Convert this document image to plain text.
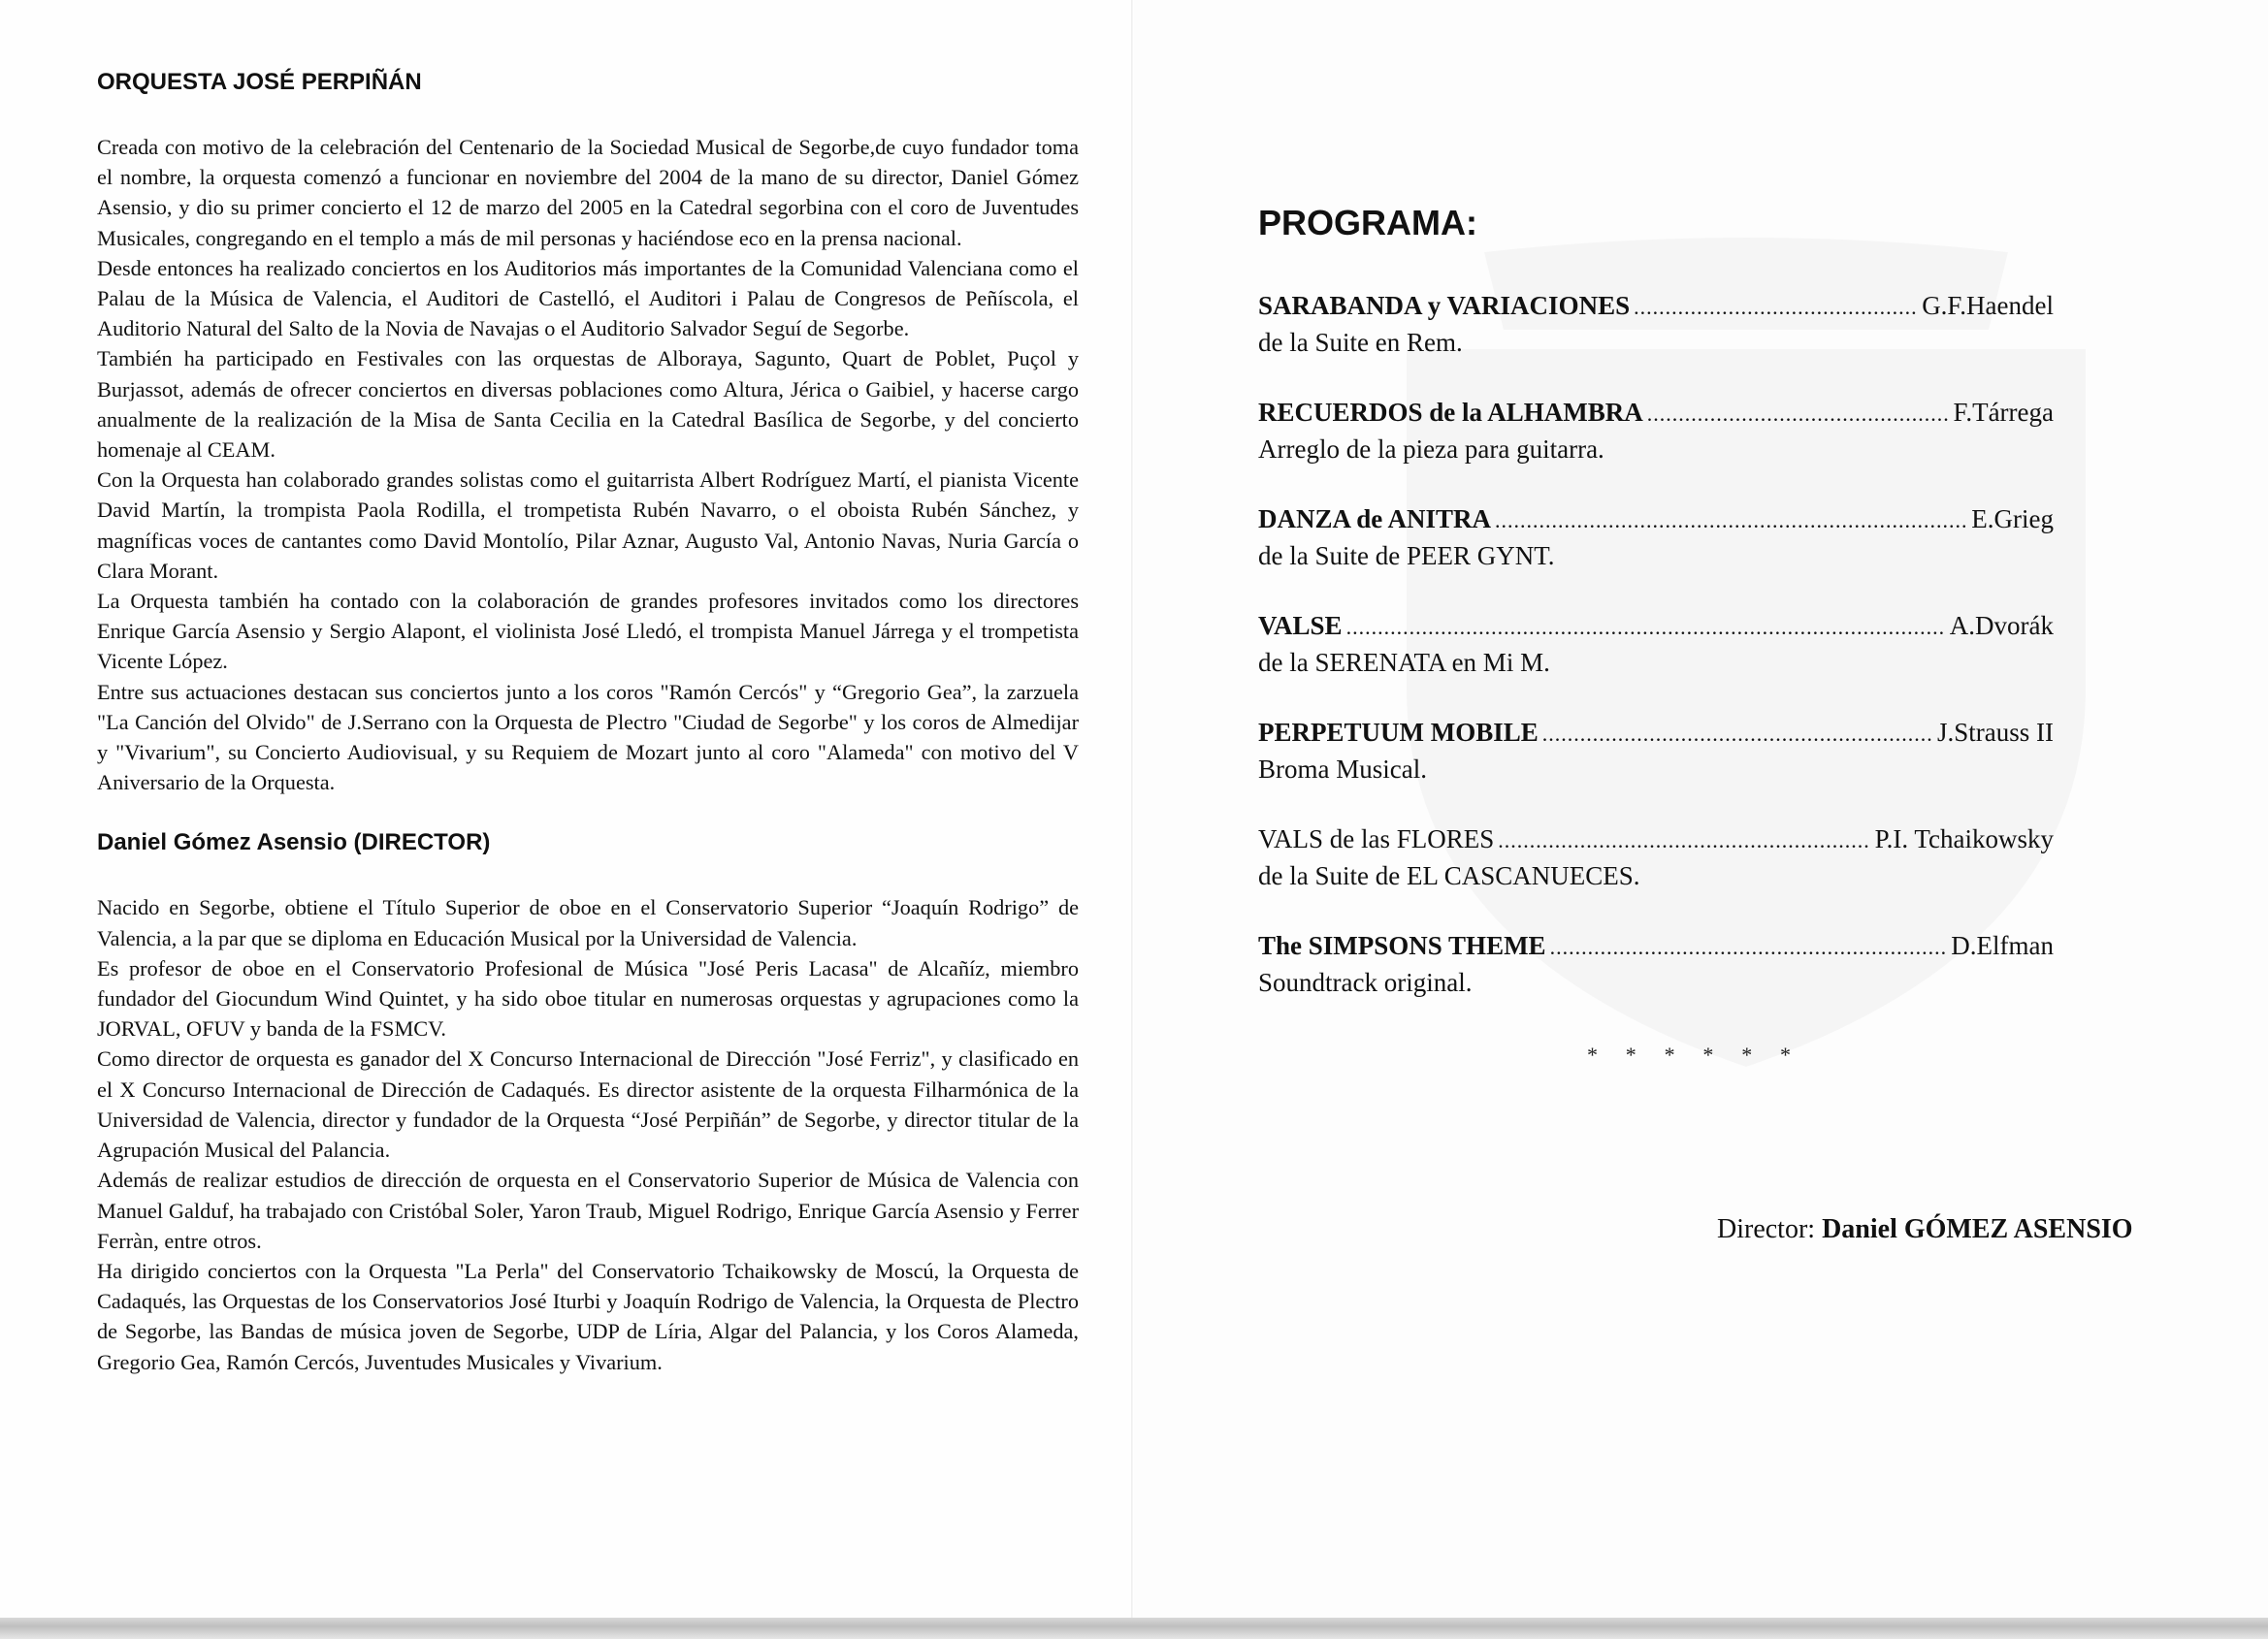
ORQUESTA JOSÉ PERPIÑÁN

Creada con motivo de la celebración del Centenario de la Sociedad Musical de Segorbe,de cuyo fundador toma el nombre, la orquesta comenzó a funcionar en noviembre del 2004 de la mano de su director, Daniel Gómez Asensio, y dio su primer concierto el 12 de marzo del 2005 en la Catedral segorbina con el coro de Juventudes Musicales, congregando en el templo a más de mil personas y haciéndose eco en la prensa nacional.

Desde entonces ha realizado conciertos en los Auditorios más importantes de la Comunidad Valenciana como el Palau de la Música de Valencia, el Auditori de Castelló, el Auditori i Palau de Congresos de Peñíscola, el Auditorio Natural del Salto de la Novia de Navajas o el Auditorio Salvador Seguí de Segorbe.

También ha participado en Festivales con las orquestas de Alboraya, Sagunto, Quart de Poblet, Puçol y Burjassot, además de ofrecer conciertos en diversas poblaciones como Altura, Jérica o Gaibiel, y hacerse cargo anualmente de la realización de la Misa de Santa Cecilia en la Catedral Basílica de Segorbe, y del concierto homenaje al CEAM.

Con la Orquesta han colaborado grandes solistas como el guitarrista Albert Rodríguez Martí, el pianista Vicente David Martín, la trompista Paola Rodilla, el trompetista Rubén Navarro, o el oboista Rubén Sánchez, y magníficas voces de cantantes como David Montolío, Pilar Aznar, Augusto Val, Antonio Navas, Nuria García o Clara Morant.

La Orquesta también ha contado con la colaboración de grandes profesores invitados como los directores Enrique García Asensio y Sergio Alapont, el violinista José Lledó, el trompista Manuel Járrega y el trompetista Vicente López.

Entre sus actuaciones destacan sus conciertos junto a los coros "Ramón Cercós" y “Gregorio Gea”, la zarzuela "La Canción del Olvido" de J.Serrano con la Orquesta de Plectro "Ciudad de Segorbe" y los coros de Almedijar y "Vivarium", su Concierto Audiovisual, y su Requiem de Mozart junto al coro "Alameda" con motivo del V Aniversario de la Orquesta.

Daniel Gómez Asensio (DIRECTOR)

Nacido en Segorbe, obtiene el Título Superior de oboe en el Conservatorio Superior “Joaquín Rodrigo” de Valencia, a la par que se diploma en Educación Musical por la Universidad de Valencia.

Es profesor de oboe en el Conservatorio Profesional de Música "José Peris Lacasa" de Alcañíz, miembro fundador del Giocundum Wind Quintet, y ha sido oboe titular en numerosas orquestas y agrupaciones como la JORVAL, OFUV y banda de la FSMCV.

Como director de orquesta es ganador del X Concurso Internacional de Dirección "José Ferriz", y clasificado en el X Concurso Internacional de Dirección de Cadaqués. Es director asistente de la orquesta Filharmónica de la Universidad de Valencia, director y fundador de la Orquesta “José Perpiñán” de Segorbe, y director titular de la Agrupación Musical del Palancia.

Además de realizar estudios de dirección de orquesta en el Conservatorio Superior de Música de Valencia con Manuel Galduf, ha trabajado con Cristóbal Soler, Yaron Traub, Miguel Rodrigo, Enrique García Asensio y Ferrer Ferràn, entre otros.

Ha dirigido conciertos con la Orquesta "La Perla" del Conservatorio Tchaikowsky de Moscú, la Orquesta de Cadaqués, las Orquestas de los Conservatorios José Iturbi y Joaquín Rodrigo de Valencia, la Orquesta de Plectro de Segorbe, las Bandas de música joven de Segorbe, UDP de Líria, Algar del Palancia, y los Coros Alameda, Gregorio Gea, Ramón Cercós, Juventudes Musicales y Vivarium.

PROGRAMA:
SARABANDA y VARIACIONES .....	G.F.Haendel
de la Suite en Rem.
RECUERDOS de la ALHAMBRA .....	F.Tárrega
Arreglo de la pieza para guitarra.
DANZA de ANITRA .....	E.Grieg
de la Suite de PEER GYNT.
VALSE .....	A.Dvorák
de la SERENATA en Mi M.
PERPETUUM MOBILE .....	J.Strauss II
Broma Musical.
VALS de las FLORES .....	P.I. Tchaikowsky
de la Suite de EL CASCANUECES.
The SIMPSONS THEME .....	D.Elfman
Soundtrack original.
* * * * * *
Director: Daniel GÓMEZ ASENSIO
